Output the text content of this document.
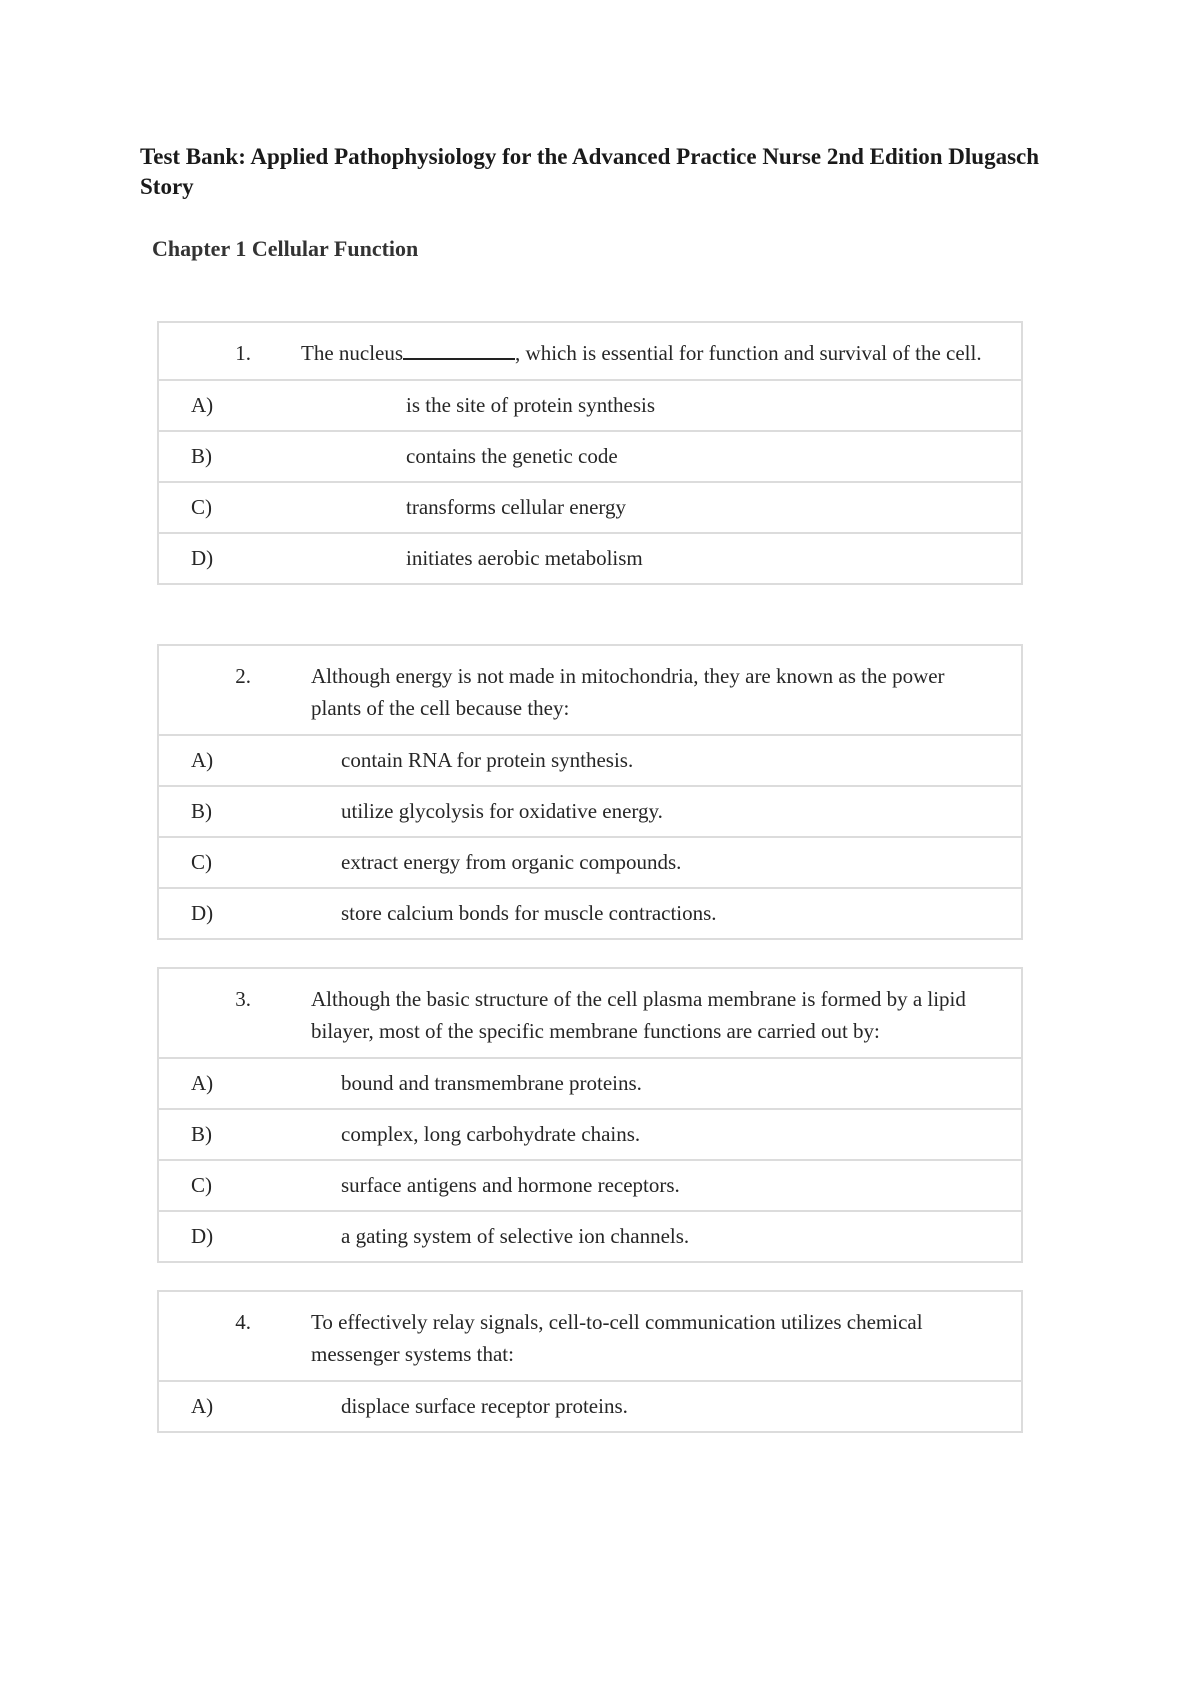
Test Bank: Applied Pathophysiology for the Advanced Practice Nurse 2nd Edition Dlugasch Story
Chapter 1 Cellular Function
1.	The nucleus , which is essential for function and survival of the cell.
A)	is the site of protein synthesis
B)	contains the genetic code
C)	transforms cellular energy
D)	initiates aerobic metabolism
2.	Although energy is not made in mitochondria, they are known as the power plants of the cell because they:
A)	contain RNA for protein synthesis.
B)	utilize glycolysis for oxidative energy.
C)	extract energy from organic compounds.
D)	store calcium bonds for muscle contractions.
3.	Although the basic structure of the cell plasma membrane is formed by a lipid bilayer, most of the specific membrane functions are carried out by:
A)	bound and transmembrane proteins.
B)	complex, long carbohydrate chains.
C)	surface antigens and hormone receptors.
D)	a gating system of selective ion channels.
4.	To effectively relay signals, cell-to-cell communication utilizes chemical messenger systems that:
A)	displace surface receptor proteins.
